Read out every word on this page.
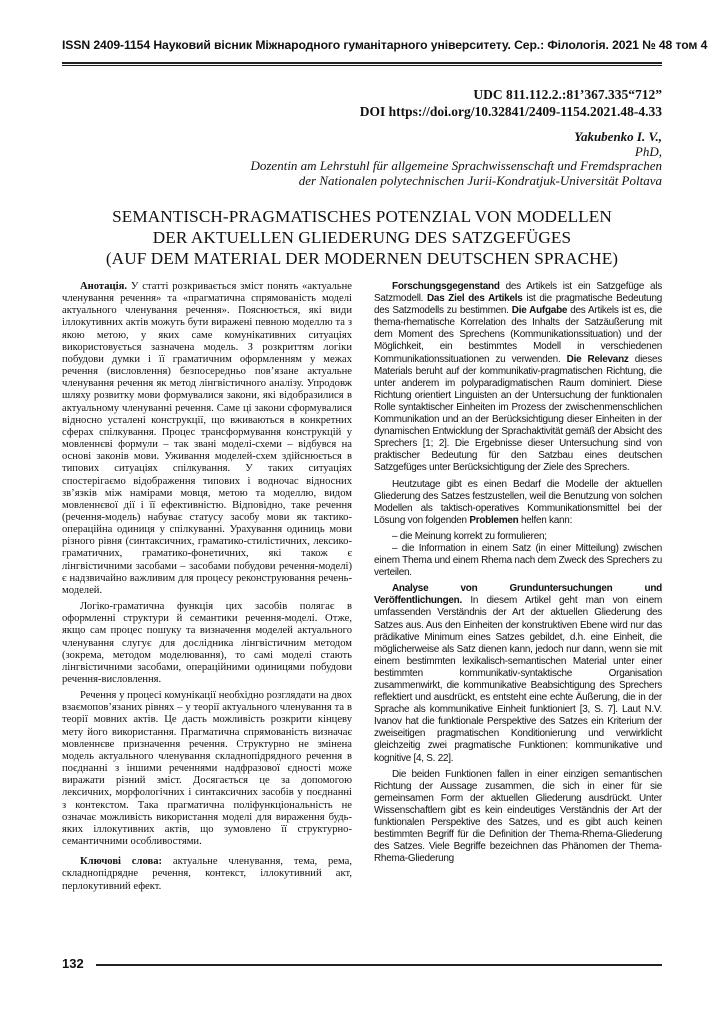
ISSN 2409-1154 Науковий вісник Міжнародного гуманітарного університету. Сер.: Філологія. 2021 № 48 том 4
UDC 811.112.2.:81’367.335“712”
DOI https://doi.org/10.32841/2409-1154.2021.48-4.33
Yakubenko I. V.,
PhD,
Dozentin am Lehrstuhl für allgemeine Sprachwissenschaft und Fremdsprachen
der Nationalen polytechnischen Jurii-Kondratjuk-Universität Poltava
SEMANTISCH-PRAGMATISCHES POTENZIAL VON MODELLEN
DER AKTUELLEN GLIEDERUNG DES SATZGEFÜGES
(AUF DEM MATERIAL DER MODERNEN DEUTSCHEN SPRACHE)

Анотація. У статті розкривається зміст понять «актуальне членування речення» та «прагматична спрямованість моделі актуального членування речення». Пояснюється, які види іллокутивних актів можуть бути виражені певною моделлю та з якою метою, у яких саме комунікативних ситуаціях використовується зазначена модель. З розкриттям логіки побудови думки і її граматичним оформленням у межах речення (висловлення) безпосередньо пов’язане актуальне членування речення як метод лінгвістичного аналізу. Упродовж шляху розвитку мови формувалися закони, які відобразилися в актуальному членуванні речення. Саме ці закони сформувалися відносно усталені конструкції, що вживаються в конкретних сферах спілкування. Процес трансформування конструкцій у мовленнєві формули – так звані моделі-схеми – відбувся на основі законів мови. Уживання моделей-схем здійснюється в типових ситуаціях спілкування. У таких ситуаціях спостерігаємо відображення типових і водночас відносних зв’язків між намірами мовця, метою та моделлю, видом мовленнєвої дії і її ефективністю. Відповідно, таке речення (речення-модель) набуває статусу засобу мови як тактико-операційна одиниця у спілкуванні. Урахування одиниць мови різного рівня (синтаксичних, граматико-стилістичних, лексико-граматичних, граматико-фонетичних, які також є лінгвістичними засобами – засобами побудови речення-моделі) є надзвичайно важливим для процесу реконструювання речень-моделей.

Логіко-граматична функція цих засобів полягає в оформленні структури й семантики речення-моделі. Отже, якщо сам процес пошуку та визначення моделей актуального членування слугує для дослідника лінгвістичним методом (зокрема, методом моделювання), то самі моделі стають лінгвістичними засобами, операційними одиницями побудови речення-висловлення.

Речення у процесі комунікації необхідно розглядати на двох взаємопов’язаних рівнях – у теорії актуального членування та в теорії мовних актів. Це дасть можливість розкрити кінцеву мету його використання. Прагматична спрямованість визначає мовленнєве призначення речення. Структурно не змінена модель актуального членування складнопідрядного речення в поєднанні з іншими реченнями надфразової єдності може виражати різний зміст. Досягається це за допомогою лексичних, морфологічних і синтаксичних засобів у поєднанні з контекстом. Така прагматична поліфункціональність не означає можливість використання моделі для вираження будь-яких іллокутивних актів, що зумовлено її структурно-семантичними особливостями.

Ключові слова: актуальне членування, тема, рема, складнопідрядне речення, контекст, іллокутивний акт, перлокутивний ефект.

Forschungsgegenstand des Artikels ist ein Satzgefüge als Satzmodell. Das Ziel des Artikels ist die pragmatische Bedeutung des Satzmodells zu bestimmen. Die Aufgabe des Artikels ist es, die thema-rhematische Korrelation des Inhalts der Satzäußerung mit dem Moment des Sprechens (Kommunikationssituation) und der Möglichkeit, ein bestimmtes Modell in verschiedenen Kommunikationssituationen zu verwenden. Die Relevanz dieses Materials beruht auf der kommunikativ-pragmatischen Richtung, die unter anderem im polyparadigmatischen Raum dominiert. Diese Richtung orientiert Linguisten an der Untersuchung der funktionalen Rolle syntaktischer Einheiten im Prozess der zwischenmenschlichen Kommunikation und an der Berücksichtigung dieser Einheiten in der dynamischen Entwicklung der Sprachaktivität gemäß der Absicht des Sprechers [1; 2]. Die Ergebnisse dieser Untersuchung sind von praktischer Bedeutung für den Satzbau eines deutschen Satzgefüges unter Berücksichtigung der Ziele des Sprechers.

Heutzutage gibt es einen Bedarf die Modelle der aktuellen Gliederung des Satzes festzustellen, weil die Benutzung von solchen Modellen als taktisch-operatives Kommunikationsmittel bei der Lösung von folgenden Problemen helfen kann:

– die Meinung korrekt zu formulieren;
– die Information in einem Satz (in einer Mitteilung) zwischen einem Thema und einem Rhema nach dem Zweck des Sprechers zu verteilen.

Analyse von Grunduntersuchungen und Veröffentlichungen. In diesem Artikel geht man von einem umfassenden Verständnis der Art der aktuellen Gliederung des Satzes aus. Aus den Einheiten der konstruktiven Ebene wird nur das prädikative Minimum eines Satzes gebildet, d.h. eine Einheit, die möglicherweise als Satz dienen kann, jedoch nur dann, wenn sie mit einem bestimmten lexikalisch-semantischen Material unter einer bestimmten kommunikativ-syntaktische Organisation zusammenwirkt, die kommunikative Beabsichtigung des Sprechers reflektiert und ausdrückt, es entsteht eine echte Äußerung, die in der Sprache als kommunikative Einheit funktioniert [3, S. 7]. Laut N.V. Ivanov hat die funktionale Perspektive des Satzes ein Kriterium der zweiseitigen pragmatischen Konditionierung und verwirklicht gleichzeitig zwei pragmatische Funktionen: kommunikative und kognitive [4, S. 22].

Die beiden Funktionen fallen in einer einzigen semantischen Richtung der Aussage zusammen, die sich in einer für sie gemeinsamen Form der aktuellen Gliederung ausdrückt. Unter Wissenschaftlern gibt es kein eindeutiges Verständnis der Art der funktionalen Perspektive des Satzes, und es gibt auch keinen bestimmten Begriff für die Definition der Thema-Rhema-Gliederung des Satzes. Viele Begriffe bezeichnen das Phänomen der Thema-Rhema-Gliederung

132
